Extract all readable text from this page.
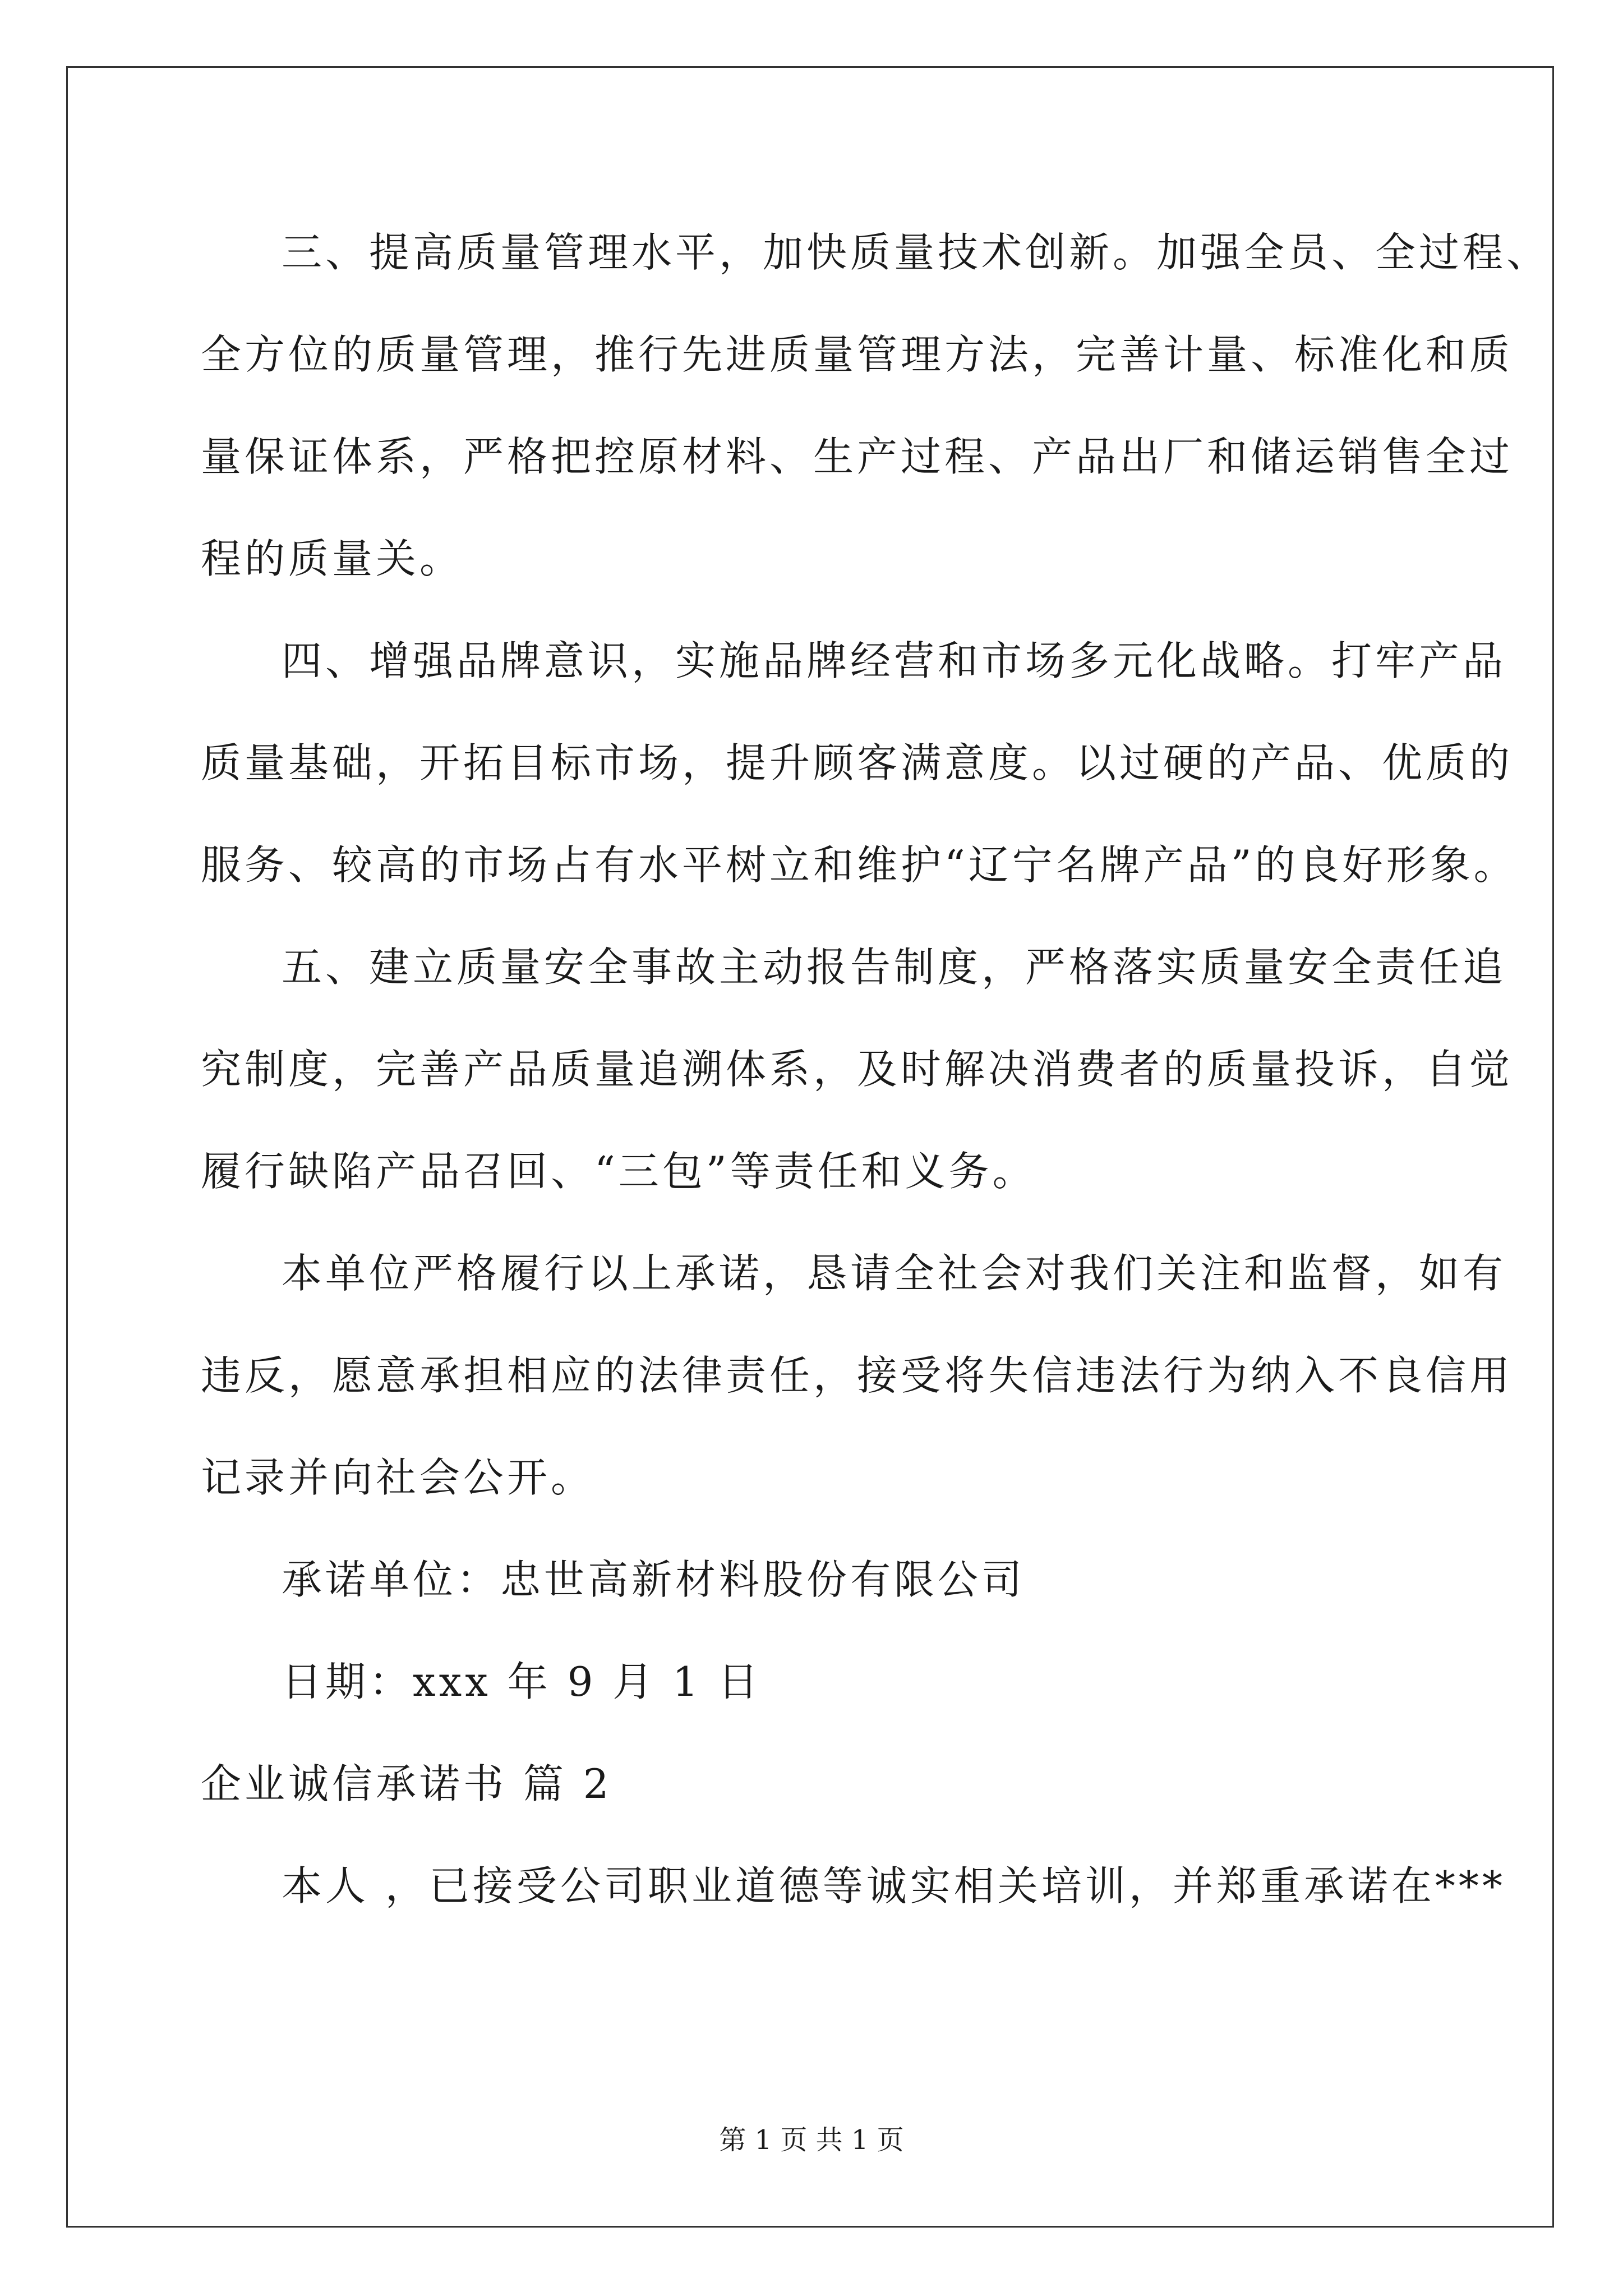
三、提高质量管理水平，加快质量技术创新。加强全员、全过程、
全方位的质量管理，推行先进质量管理方法，完善计量、标准化和质
量保证体系，严格把控原材料、生产过程、产品出厂和储运销售全过
程的质量关。
四、增强品牌意识，实施品牌经营和市场多元化战略。打牢产品
质量基础，开拓目标市场，提升顾客满意度。以过硬的产品、优质的
服务、较高的市场占有水平树立和维护“辽宁名牌产品”的良好形象。
五、建立质量安全事故主动报告制度，严格落实质量安全责任追
究制度，完善产品质量追溯体系，及时解决消费者的质量投诉，自觉
履行缺陷产品召回、“三包”等责任和义务。
本单位严格履行以上承诺，恳请全社会对我们关注和监督，如有
违反，愿意承担相应的法律责任，接受将失信违法行为纳入不良信用
记录并向社会公开。
承诺单位：忠世高新材料股份有限公司
日期：xxx 年 9 月 1 日
企业诚信承诺书 篇 2
本人 ，已接受公司职业道德等诚实相关培训，并郑重承诺在***
第 1 页 共 1 页
